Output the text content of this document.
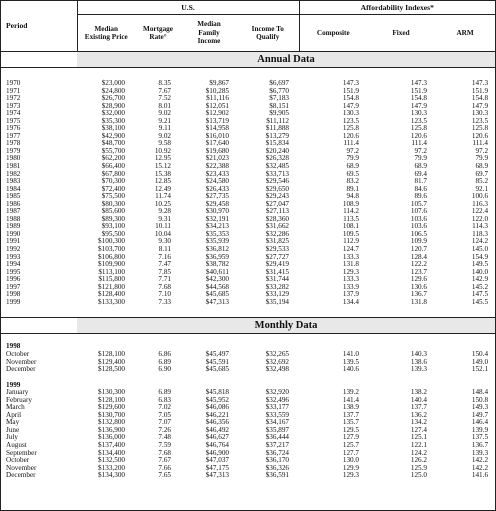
Period	U.S.				Affordability Indexes*		
	Median Existing Price	Mortgage Rate°	Median Family Income	Income To Qualify	Composite	Fixed	ARM
	Annual Data						

1970	$23,000	8.35	$9,867	$6,697	147.3	147.3	147.3
1971	$24,800	7.67	$10,285	$6,770	151.9	151.9	151.9
1972	$26,700	7.52	$11,116	$7,183	154.8	154.8	154.8
1973	$28,900	8.01	$12,051	$8,151	147.9	147.9	147.9
1974	$32,000	9.02	$12,902	$9,905	130.3	130.3	130.3
1975	$35,300	9.21	$13,719	$11,112	123.5	123.5	123.5
1976	$38,100	9.11	$14,958	$11,888	125.8	125.8	125.8
1977	$42,900	9.02	$16,010	$13,279	120.6	120.6	120.6
1978	$48,700	9.58	$17,640	$15,834	111.4	111.4	111.4
1979	$55,700	10.92	$19,680	$20,240	97.2	97.2	97.2
1980	$62,200	12.95	$21,023	$26,328	79.9	79.9	79.9
1981	$66,400	15.12	$22,388	$32,485	68.9	68.9	68.9
1982	$67,800	15.38	$23,433	$33,713	69.5	69.4	69.7
1983	$70,300	12.85	$24,580	$29,546	83.2	81.7	85.2
1984	$72,400	12.49	$26,433	$29,650	89.1	84.6	92.1
1985	$75,500	11.74	$27,735	$29,243	94.8	89.6	100.6
1986	$80,300	10.25	$29,458	$27,047	108.9	105.7	116.3
1987	$85,600	9.28	$30,970	$27,113	114.2	107.6	122.4
1988	$89,300	9.31	$32,191	$28,360	113.5	103.6	122.0
1989	$93,100	10.11	$34,213	$31,662	108.1	103.6	114.3
1990	$95,500	10.04	$35,353	$32,286	109.5	106.5	118.3
1991	$100,300	9.30	$35,939	$31,825	112.9	109.9	124.2
1992	$103,700	8.11	$36,812	$29,533	124.7	120.7	145.0
1993	$106,800	7.16	$36,959	$27,727	133.3	128.4	154.9
1994	$109,900	7.47	$38,782	$29,419	131.8	122.2	149.5
1995	$113,100	7.85	$40,611	$31,415	129.3	123.7	140.0
1996	$115,800	7.71	$42,300	$31,744	133.3	129.6	142.9
1997	$121,800	7.68	$44,568	$33,282	133.9	130.6	145.2
1998	$128,400	7.10	$45,685	$33,129	137.9	136.7	147.5
1999	$133,300	7.33	$47,313	$35,194	134.4	131.8	145.5

	Monthly Data						

1998							
October	$128,100	6.86	$45,497	$32,265	141.0	140.3	150.4
November	$129,400	6.89	$45,591	$32,692	139.5	138.6	149.0
December	$128,500	6.90	$45,685	$32,498	140.6	139.3	152.1

1999							
January	$130,300	6.89	$45,818	$32,920	139.2	138.2	148.4
February	$128,100	6.83	$45,952	$32,496	141.4	140.4	150.8
March	$129,600	7.02	$46,086	$33,177	138.9	137.7	149.3
April	$130,700	7.05	$46,221	$33,559	137.7	136.2	149.7
May	$132,800	7.07	$46,356	$34,167	135.7	134.2	146.4
June	$136,900	7.26	$46,492	$35,897	129.5	127.4	139.9
July	$136,000	7.48	$46,627	$36,444	127.9	125.1	137.5
August	$137,400	7.59	$46,764	$37,217	125.7	122.1	136.7
September	$134,400	7.68	$46,900	$36,724	127.7	124.2	139.3
October	$132,500	7.67	$47,037	$36,170	130.0	126.2	142.2
November	$133,200	7.66	$47,175	$36,326	129.9	125.9	142.2
December	$134,300	7.65	$47,313	$36,591	129.3	125.0	141.6
